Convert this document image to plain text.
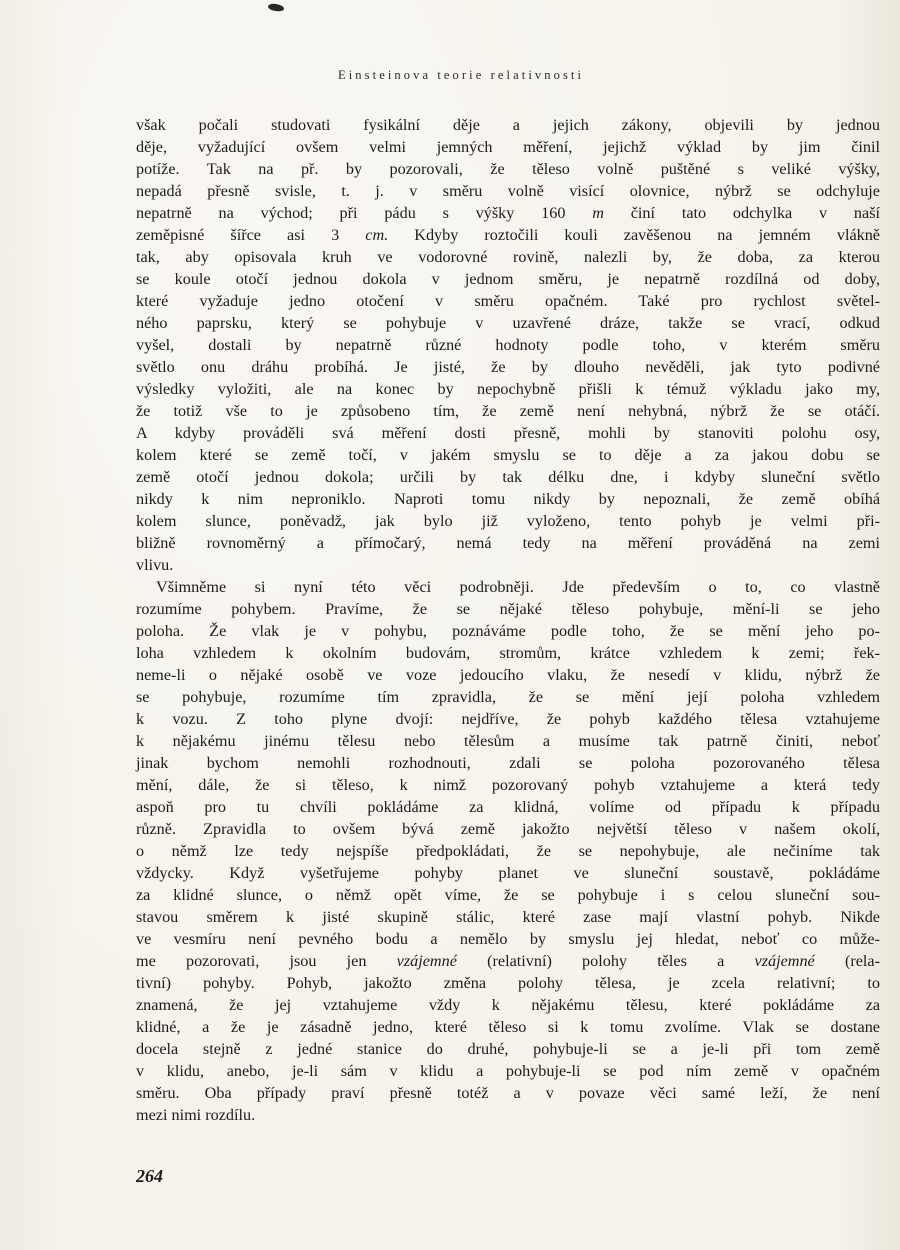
Einsteinova teorie relativnosti
však počali studovati fysikální děje a jejich zákony, objevili by jednou
děje, vyžadující ovšem velmi jemných měření, jejichž výklad by jim činil
potíže. Tak na př. by pozorovali, že těleso volně puštěné s veliké výšky,
nepadá přesně svisle, t. j. v směru volně visící olovnice, nýbrž se odchyluje
nepatrně na východ; při pádu s výšky 160 m činí tato odchylka v naší
zeměpisné šířce asi 3 cm. Kdyby roztočili kouli zavěšenou na jemném vlákně
tak, aby opisovala kruh ve vodorovné rovině, nalezli by, že doba, za kterou
se koule otočí jednou dokola v jednom směru, je nepatrně rozdílná od doby,
které vyžaduje jedno otočení v směru opačném. Také pro rychlost světel-
ného paprsku, který se pohybuje v uzavřené dráze, takže se vrací, odkud
vyšel, dostali by nepatrně různé hodnoty podle toho, v kterém směru
světlo onu dráhu probíhá. Je jisté, že by dlouho nevěděli, jak tyto podivné
výsledky vyložiti, ale na konec by nepochybně přišli k témuž výkladu jako my,
že totiž vše to je způsobeno tím, že země není nehybná, nýbrž že se otáčí.
A kdyby prováděli svá měření dosti přesně, mohli by stanoviti polohu osy,
kolem které se země točí, v jakém smyslu se to děje a za jakou dobu se
země otočí jednou dokola; určili by tak délku dne, i kdyby sluneční světlo
nikdy k nim neproniklo. Naproti tomu nikdy by nepoznali, že země obíhá
kolem slunce, poněvadž, jak bylo již vyloženo, tento pohyb je velmi při-
bližně rovnoměrný a přímočarý, nemá tedy na měření prováděná na zemi
vlivu.
Všimněme si nyní této věci podrobněji. Jde především o to, co vlastně
rozumíme pohybem. Pravíme, že se nějaké těleso pohybuje, mění-li se jeho
poloha. Že vlak je v pohybu, poznáváme podle toho, že se mění jeho po-
loha vzhledem k okolním budovám, stromům, krátce vzhledem k zemi; řek-
neme-li o nějaké osobě ve voze jedoucího vlaku, že nesedí v klidu, nýbrž že
se pohybuje, rozumíme tím zpravidla, že se mění její poloha vzhledem
k vozu. Z toho plyne dvojí: nejdříve, že pohyb každého tělesa vztahujeme
k nějakému jinému tělesu nebo tělesům a musíme tak patrně činiti, neboť
jinak bychom nemohli rozhodnouti, zdali se poloha pozorovaného tělesa
mění, dále, že si těleso, k nimž pozorovaný pohyb vztahujeme a která tedy
aspoň pro tu chvíli pokládáme za klidná, volíme od případu k případu
různě. Zpravidla to ovšem bývá země jakožto největší těleso v našem okolí,
o němž lze tedy nejspíše předpokládati, že se nepohybuje, ale nečiníme tak
vždycky. Když vyšetřujeme pohyby planet ve sluneční soustavě, pokládáme
za klidné slunce, o němž opět víme, že se pohybuje i s celou sluneční sou-
stavou směrem k jisté skupině stálic, které zase mají vlastní pohyb. Nikde
ve vesmíru není pevného bodu a nemělo by smyslu jej hledat, neboť co může-
me pozorovati, jsou jen vzájemné (relativní) polohy těles a vzájemné (rela-
tivní) pohyby. Pohyb, jakožto změna polohy tělesa, je zcela relativní; to
znamená, že jej vztahujeme vždy k nějakému tělesu, které pokládáme za
klidné, a že je zásadně jedno, které těleso si k tomu zvolíme. Vlak se dostane
docela stejně z jedné stanice do druhé, pohybuje-li se a je-li při tom země
v klidu, anebo, je-li sám v klidu a pohybuje-li se pod ním země v opačném
směru. Oba případy praví přesně totéž a v povaze věci samé leží, že není
mezi nimi rozdílu.
264
